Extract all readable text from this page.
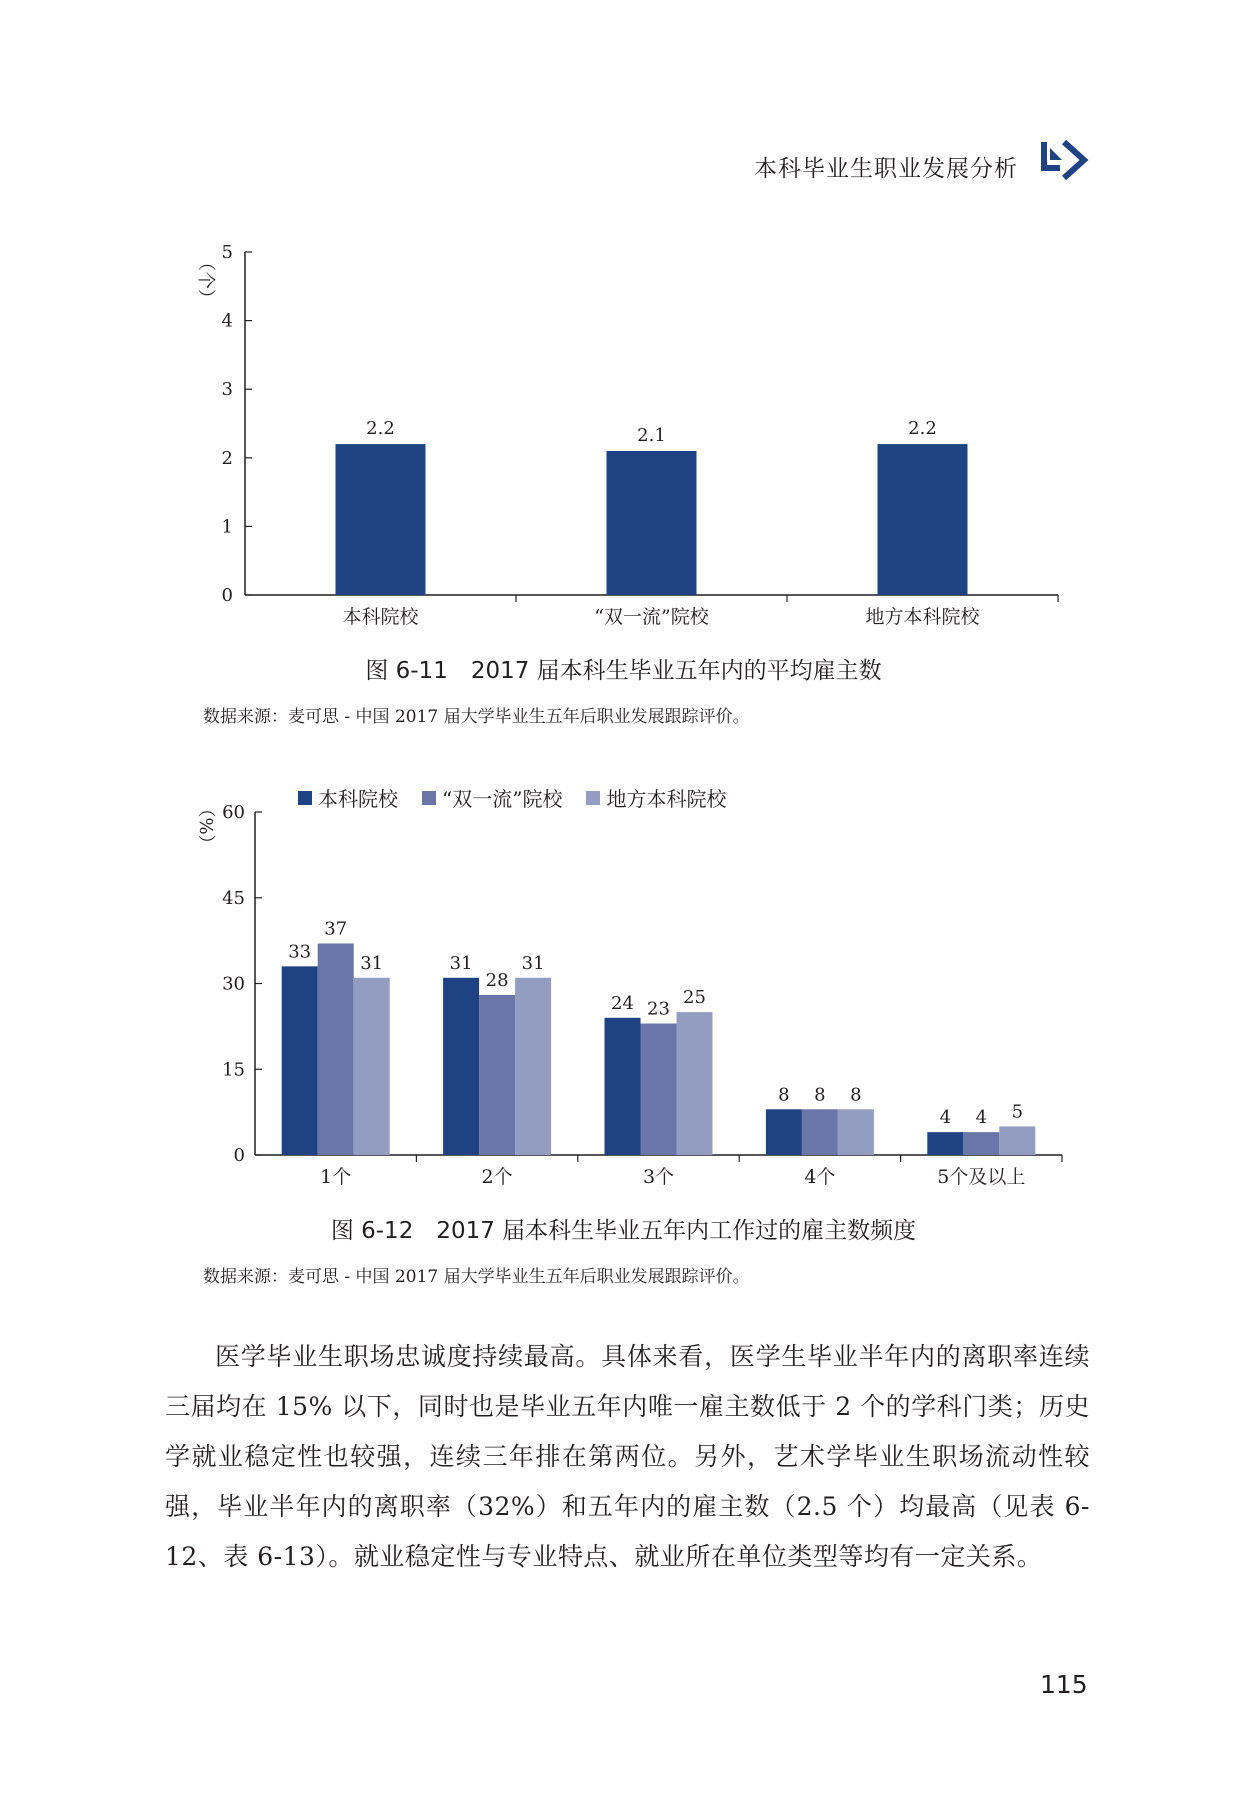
本科毕业生职业发展分析
0
1
2
3
4
5
（个）
2.2
本科院校
2.1
“双一流”院校
2.2
地方本科院校
图 6-11　2017 届本科生毕业五年内的平均雇主数
数据来源：麦可思 - 中国 2017 届大学毕业生五年后职业发展跟踪评价。
本科院校 “双一流”院校 地方本科院校
0
15
30
45
60
（%）
1个
33
37
31
2个
31
28
31
3个
24 23
25
4个
8 8 8
5个及以上
4 4 5
图 6-12　2017 届本科生毕业五年内工作过的雇主数频度
数据来源：麦可思 - 中国 2017 届大学毕业生五年后职业发展跟踪评价。
医学毕业生职场忠诚度持续最高。具体来看，医学生毕业半年内的离职率连续三届均在 15% 以下，同时也是毕业五年内唯一雇主数低于 2 个的学科门类；历史学就业稳定性也较强，连续三年排在第两位。另外，艺术学毕业生职场流动性较强，毕业半年内的离职率（32%）和五年内的雇主数（2.5 个）均最高（见表 6-12、表 6-13）。就业稳定性与专业特点、就业所在单位类型等均有一定关系。
115
